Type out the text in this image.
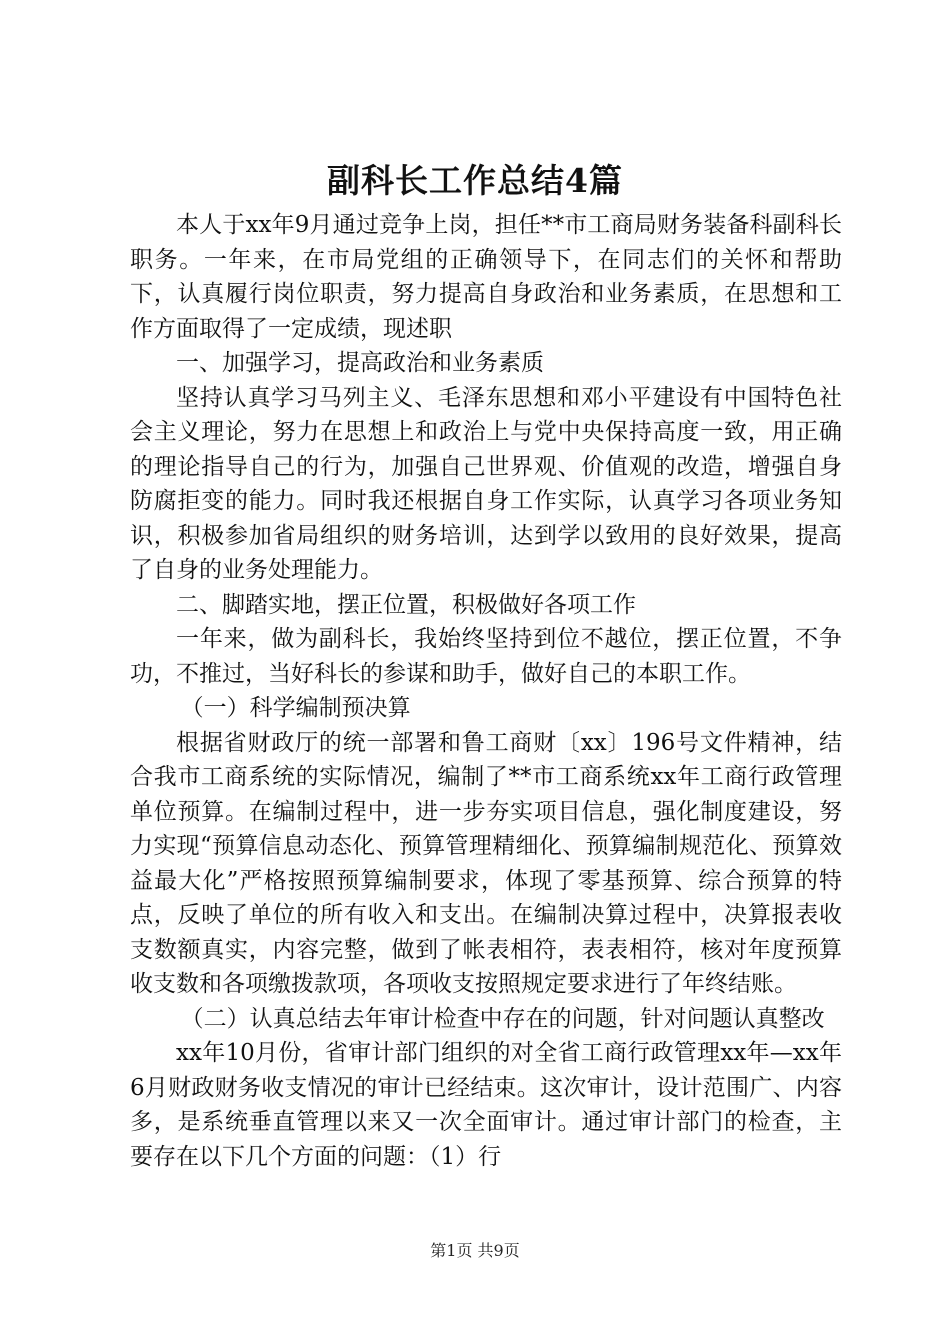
副科长工作总结4篇

本人于xx年9月通过竞争上岗，担任**市工商局财务装备科副科长职务。一年来，在市局党组的正确领导下，在同志们的关怀和帮助下，认真履行岗位职责，努力提高自身政治和业务素质，在思想和工作方面取得了一定成绩，现述职

一、加强学习，提高政治和业务素质

坚持认真学习马列主义、毛泽东思想和邓小平建设有中国特色社会主义理论，努力在思想上和政治上与党中央保持高度一致，用正确的理论指导自己的行为，加强自己世界观、价值观的改造，增强自身防腐拒变的能力。同时我还根据自身工作实际，认真学习各项业务知识，积极参加省局组织的财务培训，达到学以致用的良好效果，提高了自身的业务处理能力。

二、脚踏实地，摆正位置，积极做好各项工作

一年来，做为副科长，我始终坚持到位不越位，摆正位置，不争功，不推过，当好科长的参谋和助手，做好自己的本职工作。

（一）科学编制预决算

根据省财政厅的统一部署和鲁工商财〔xx〕196号文件精神，结合我市工商系统的实际情况，编制了**市工商系统xx年工商行政管理单位预算。在编制过程中，进一步夯实项目信息，强化制度建设，努力实现“预算信息动态化、预算管理精细化、预算编制规范化、预算效益最大化”严格按照预算编制要求，体现了零基预算、综合预算的特点，反映了单位的所有收入和支出。在编制决算过程中，决算报表收支数额真实，内容完整，做到了帐表相符，表表相符，核对年度预算收支数和各项缴拨款项，各项收支按照规定要求进行了年终结账。

（二）认真总结去年审计检查中存在的问题，针对问题认真整改

xx年10月份，省审计部门组织的对全省工商行政管理xx年—xx年6月财政财务收支情况的审计已经结束。这次审计，设计范围广、内容多，是系统垂直管理以来又一次全面审计。通过审计部门的检查，主要存在以下几个方面的问题：（1）行

第1页 共9页
